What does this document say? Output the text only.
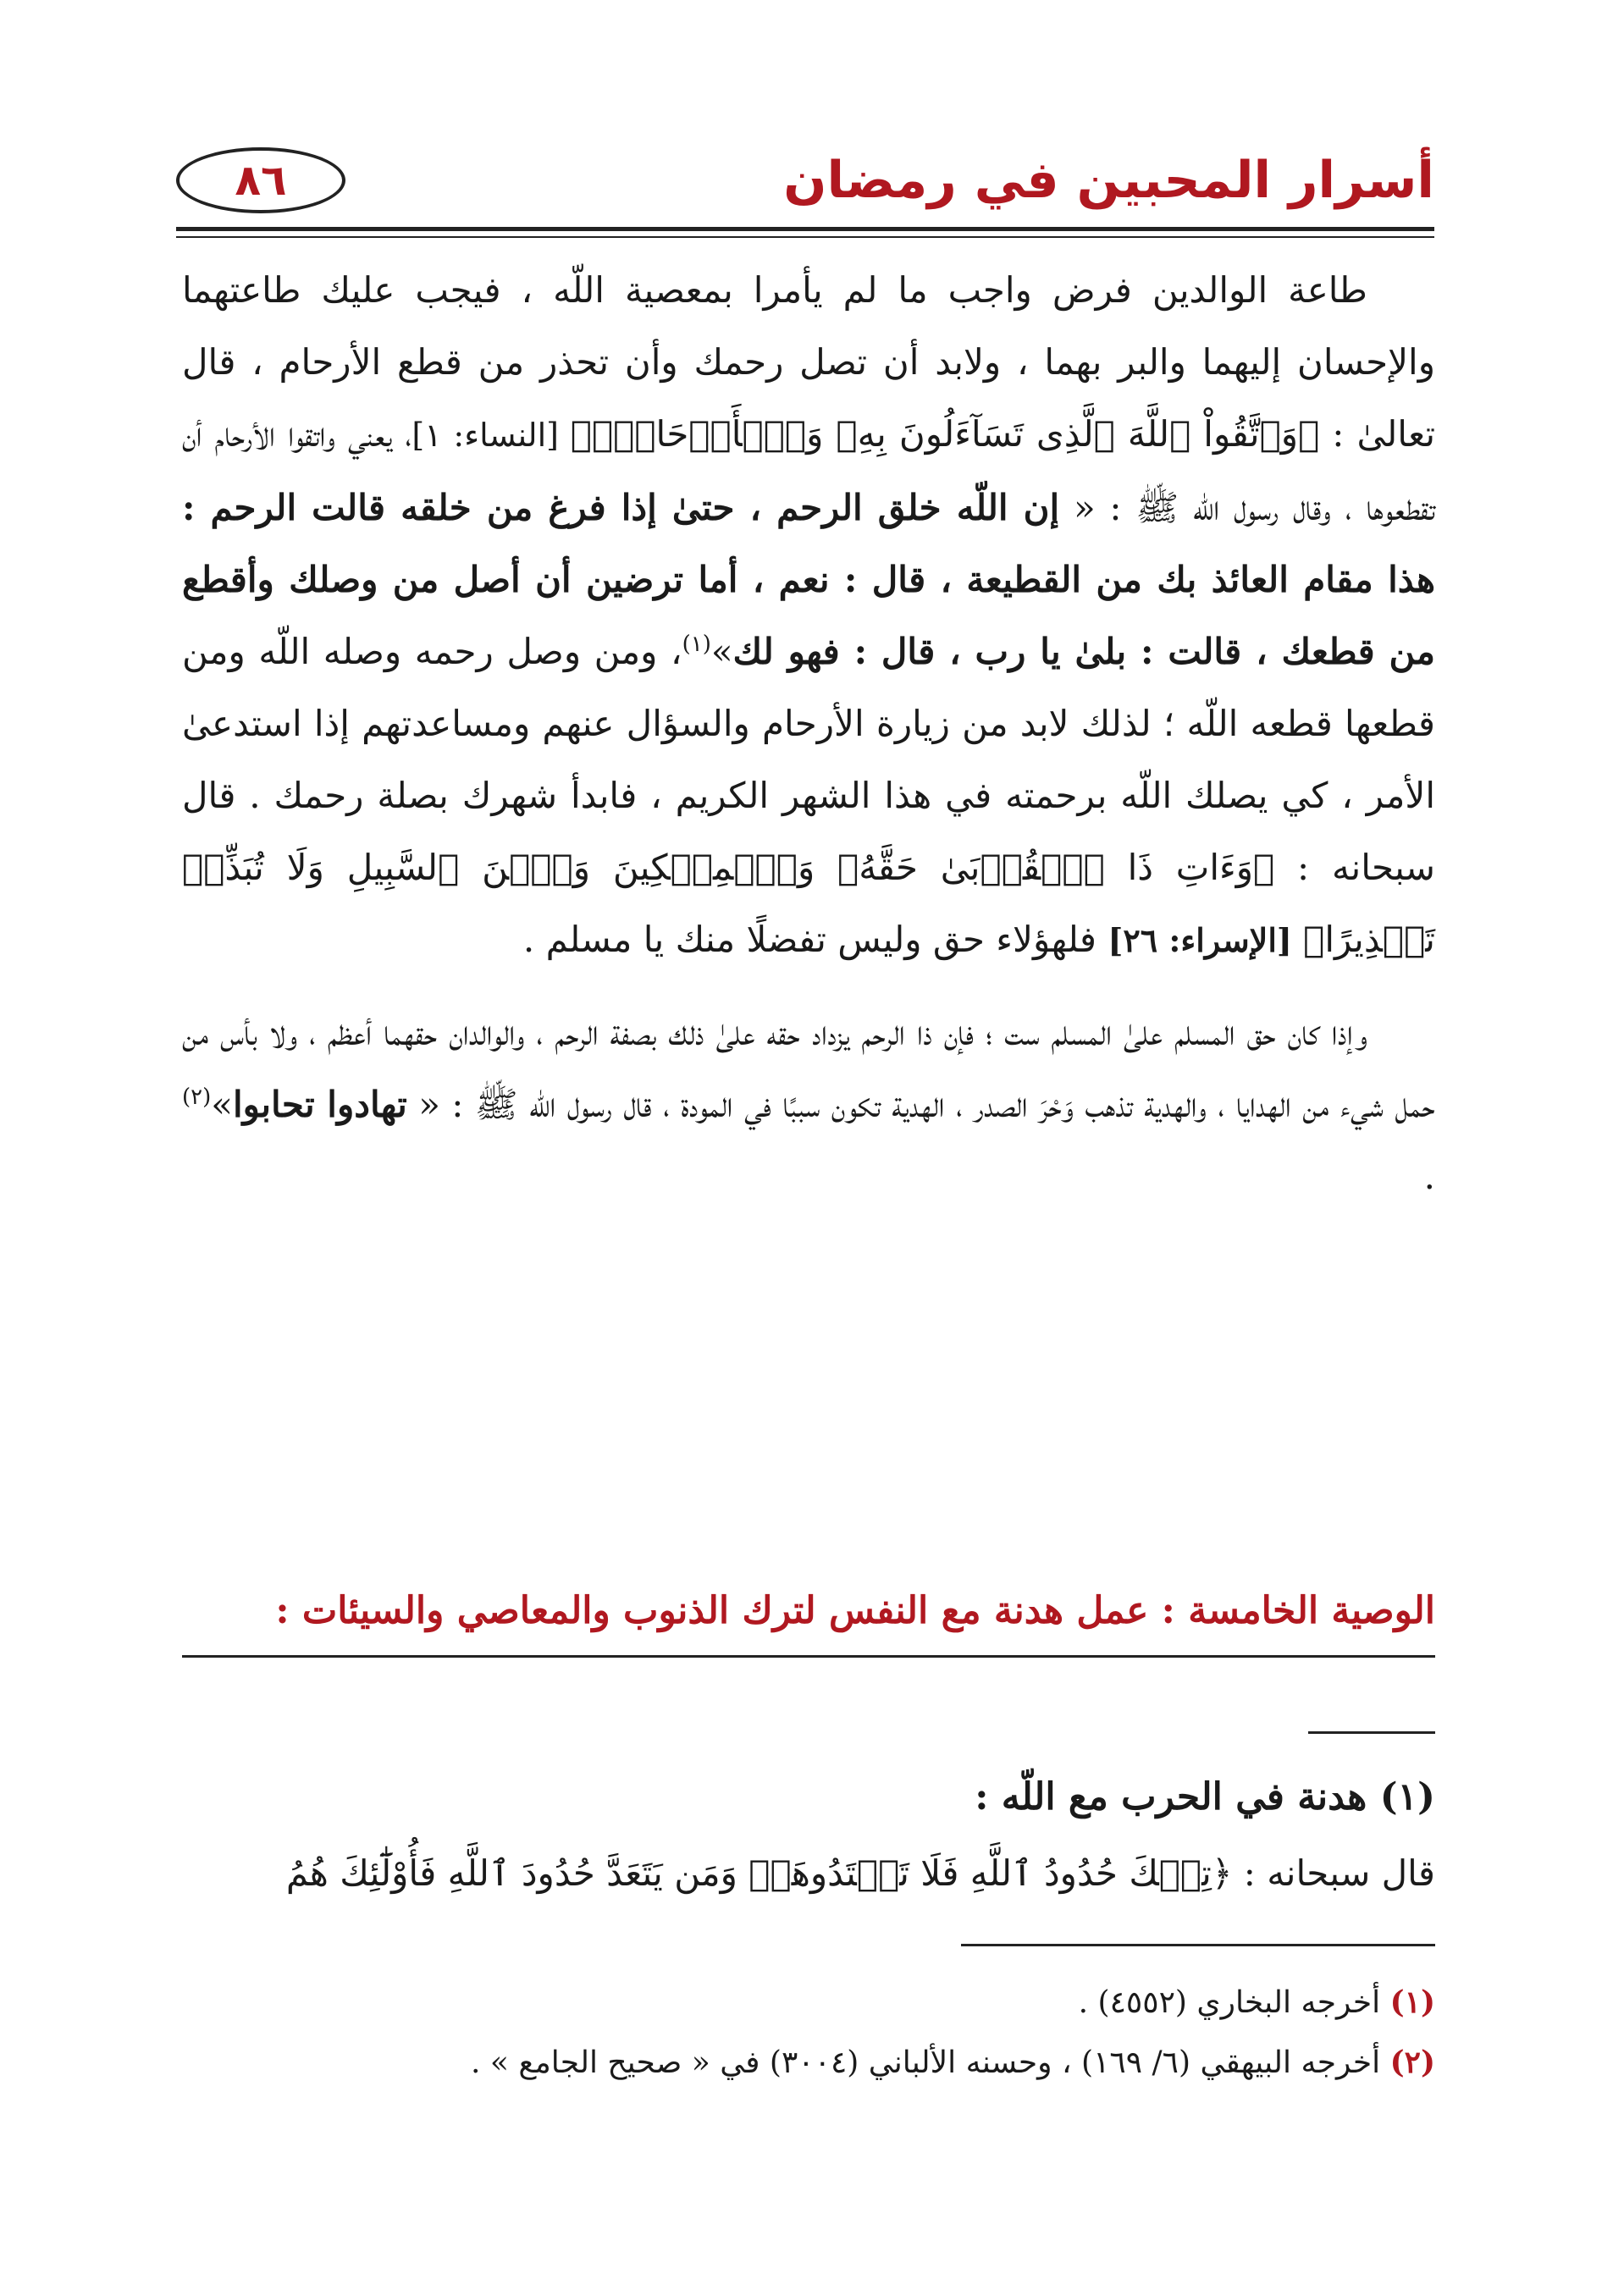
٨٦	أسرار المحبين في رمضان

طاعة الوالدين فرض واجب ما لم يأمرا بمعصية اللّه ، فيجب عليك طاعتهما والإحسان إليهما والبر بهما ، ولابد أن تصل رحمك وأن تحذر من قطع الأرحام ، قال تعالىٰ : ﴿وَٱتَّقُواْ ٱللَّهَ ٱلَّذِى تَسَآءَلُونَ بِهِۦ وَٱلۡأَرۡحَامَۚ﴾ [النساء: ١]، يعني واتقوا الأرحام أن تقطعوها ، وقال رسول اللّه ﷺ : « إن اللّه خلق الرحم ، حتىٰ إذا فرغ من خلقه قالت الرحم : هذا مقام العائذ بك من القطيعة ، قال : نعم ، أما ترضين أن أصل من وصلك وأقطع من قطعك ، قالت : بلىٰ يا رب ، قال : فهو لك»$^{(١)}$، ومن وصل رحمه وصله اللّه ومن قطعها قطعه اللّه ؛ لذلك لابد من زيارة الأرحام والسؤال عنهم ومساعدتهم إذا استدعىٰ الأمر ، كي يصلك اللّه برحمته في هذا الشهر الكريم ، فابدأ شهرك بصلة رحمك . قال سبحانه : ﴿وَءَاتِ ذَا ٱلۡقُرۡبَىٰ حَقَّهُۥ وَٱلۡمِسۡكِينَ وَٱبۡنَ ٱلسَّبِيلِ وَلَا تُبَذِّرۡ تَبۡذِيرًا﴾ [الإسراء: ٢٦] فلهؤلاء حق وليس تفضلًا منك يا مسلم .

وإذا كان حق المسلم علىٰ المسلم ست ؛ فإن ذا الرحم يزداد حقه علىٰ ذلك بصفة الرحم ، والوالدان حقهما أعظم ، ولا بأس من حمل شيء من الهدايا ، والهدية تذهب وَحْرَ الصدر ، الهدية تكون سببًا في المودة ، قال رسول اللّه ﷺ : « تهادوا تحابوا»$^{(٢)}$ .

الوصية الخامسة : عمل هدنة مع النفس لترك الذنوب والمعاصي والسيئات :
(١) هدنة في الحرب مع اللّه :
قال سبحانه : ﴿تِلۡكَ حُدُودُ ٱللَّهِ فَلَا تَعۡتَدُوهَاۚ وَمَن يَتَعَدَّ حُدُودَ ٱللَّهِ فَأُوْلَٰٓئِكَ هُمُ

(١) أخرجه البخاري (٤٥٥٢) .

(٢) أخرجه البيهقي (٦/ ١٦٩) ، وحسنه الألباني (٣٠٠٤) في « صحيح الجامع » .
